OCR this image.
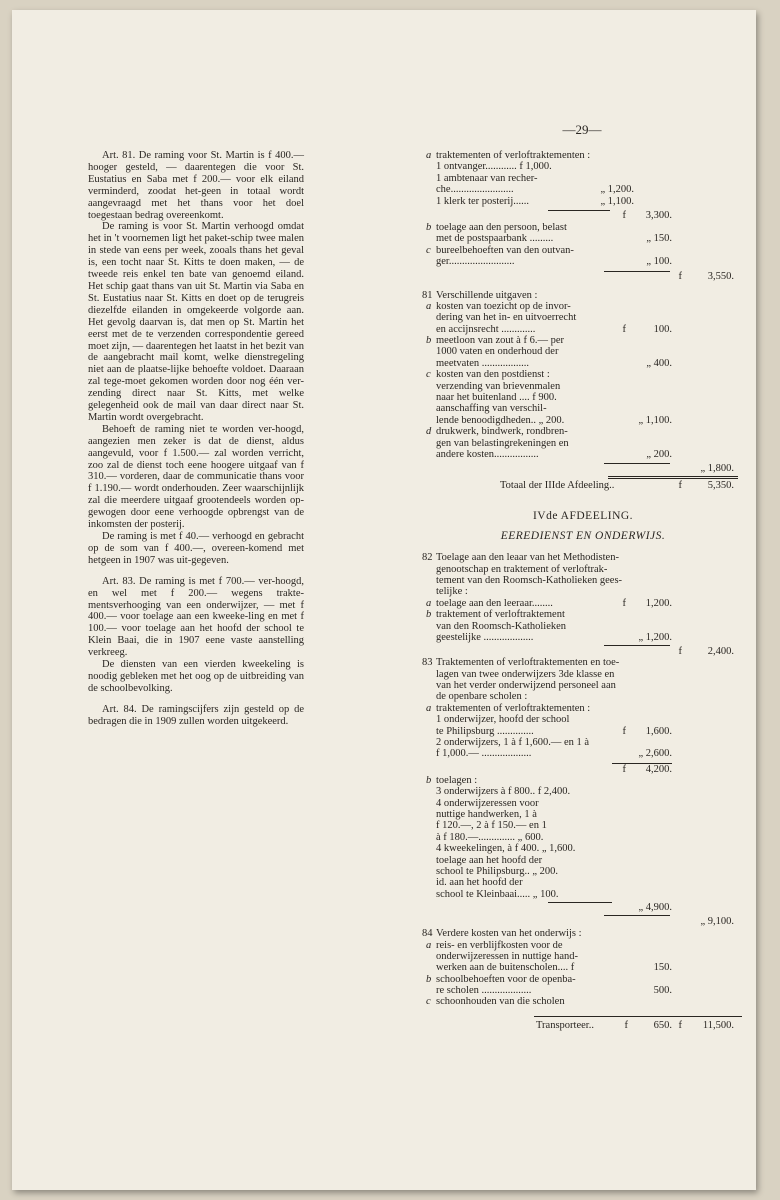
—29—

Art. 81. De raming voor St. Martin is f 400.— hooger gesteld, — daarentegen die voor St. Eustatius en Saba met f 200.— voor elk eiland verminderd, zoodat het-geen in totaal wordt aangevraagd met het thans voor het doel toegestaan bedrag overeenkomt.

De raming is voor St. Martin verhoogd omdat het in 't voornemen ligt het paket-schip twee malen in stede van eens per week, zooals thans het geval is, een tocht naar St. Kitts te doen maken, — de tweede reis enkel ten bate van genoemd eiland. Het schip gaat thans van uit St. Martin via Saba en St. Eustatius naar St. Kitts en doet op de terugreis diezelfde eilanden in omgekeerde volgorde aan. Het gevolg daarvan is, dat men op St. Martin het eerst met de te verzenden correspondentie gereed moet zijn, — daarentegen het laatst in het bezit van de aangebracht mail komt, welke dienstregeling niet aan de plaatse-lijke behoefte voldoet. Daaraan zal tege-moet gekomen worden door nog één ver-zending direct naar St. Kitts, met welke gelegenheid ook de mail van daar direct naar St. Martin wordt overgebracht.

Behoeft de raming niet te worden ver-hoogd, aangezien men zeker is dat de dienst, aldus aangevuld, voor f 1.500.— zal worden verricht, zoo zal de dienst toch eene hoogere uitgaaf van f 310.— vorderen, daar de communicatie thans voor f 1.190.— wordt onderhouden. Zeer waarschijnlijk zal die meerdere uitgaaf grootendeels worden op-gewogen door eene verhoogde opbrengst van de inkomsten der posterij.

De raming is met f 40.— verhoogd en gebracht op de som van f 400.—, overeen-komend met hetgeen in 1907 was uit-gegeven.

Art. 83. De raming is met f 700.— ver-hoogd, en wel met f 200.— wegens trakte-mentsverhooging van een onderwijzer, — met f 400.— voor toelage aan een kweeke-ling en met f 100.— voor toelage aan het hoofd der school te Klein Baai, die in 1907 eene vaste aanstelling verkreeg.

De diensten van een vierden kweekeling is noodig gebleken met het oog op de uitbreiding van de schoolbevolking.

Art. 84. De ramingscijfers zijn gesteld op de bedragen die in 1909 zullen worden uitgekeerd.

a traktementen of verloftraktementen :
1 ontvanger............ f 1,000.
1 ambtenaar van recher-
che........................	„ 1,200.
1 klerk ter posterij......	„ 1,100.
f 3,300.
b toelage aan den persoon, belast
met de postspaarbank .........	„ 150.
c bureelbehoeften van den outvan-
ger.........................	„ 100.
f 3,550.
81 Verschillende uitgaven :
a kosten van toezicht op de invor-
dering van het in- en uitvoerrecht
en accijnsrecht .............	f	100.
b meetloon van zout à f 6.— per
1000 vaten en onderhoud der
meetvaten ..................	„ 400.
c kosten van den postdienst :
verzending van brievenmalen
naar het buitenland .... f 900.
aanschaffing van verschil-
lende benoodigdheden.. „ 200.	„ 1,100.
d drukwerk, bindwerk, rondbren-
gen van belastingrekeningen en
andere kosten.................	„ 200.
„ 1,800.
Totaal der IIIde Afdeeling..	f 5,350.
IVde AFDEELING.
EEREDIENST EN ONDERWIJS.
82 Toelage aan den leaar van het Methodisten-
genootschap en traktement of verloftrak-
tement van den Roomsch-Katholieken gees-
telijke :
a toelage aan den leeraar........	f 1,200.
b traktement of verloftraktement
van den Roomsch-Katholieken
geestelijke ...................	„ 1,200.
f 2,400.
83 Traktementen of verloftraktementen en toe-
lagen van twee onderwijzers 3de klasse en
van het verder onderwijzend personeel aan
de openbare scholen :
a traktementen of verloftraktementen :
1 onderwijzer, hoofd der school
te Philipsburg ..............	f 1,600.
2 onderwijzers, 1 à f 1,600.— en 1 à
f 1,000.— ...................	„ 2,600.
f 4,200.
b toelagen :
3 onderwijzers à f 800.. f 2,400.
4 onderwijzeressen voor
nuttige handwerken, 1 à
f 120.—, 2 à f 150.— en 1
à f 180.—.............. „ 600.
4 kweekelingen, à f 400. „ 1,600.
toelage aan het hoofd der
school te Philipsburg.. „ 200.
id. aan het hoofd der
school te Kleinbaai..... „ 100.
„ 4,900.
„ 9,100.
84 Verdere kosten van het onderwijs :
a reis- en verblijfkosten voor de
onderwijzeressen in nuttige hand-
werken aan de buitenscholen.... f	150.
b schoolbehoeften voor de openba-
re scholen ...................	500.
c schoonhouden van die scholen
Transporteer..	f 650. f 11,500.
